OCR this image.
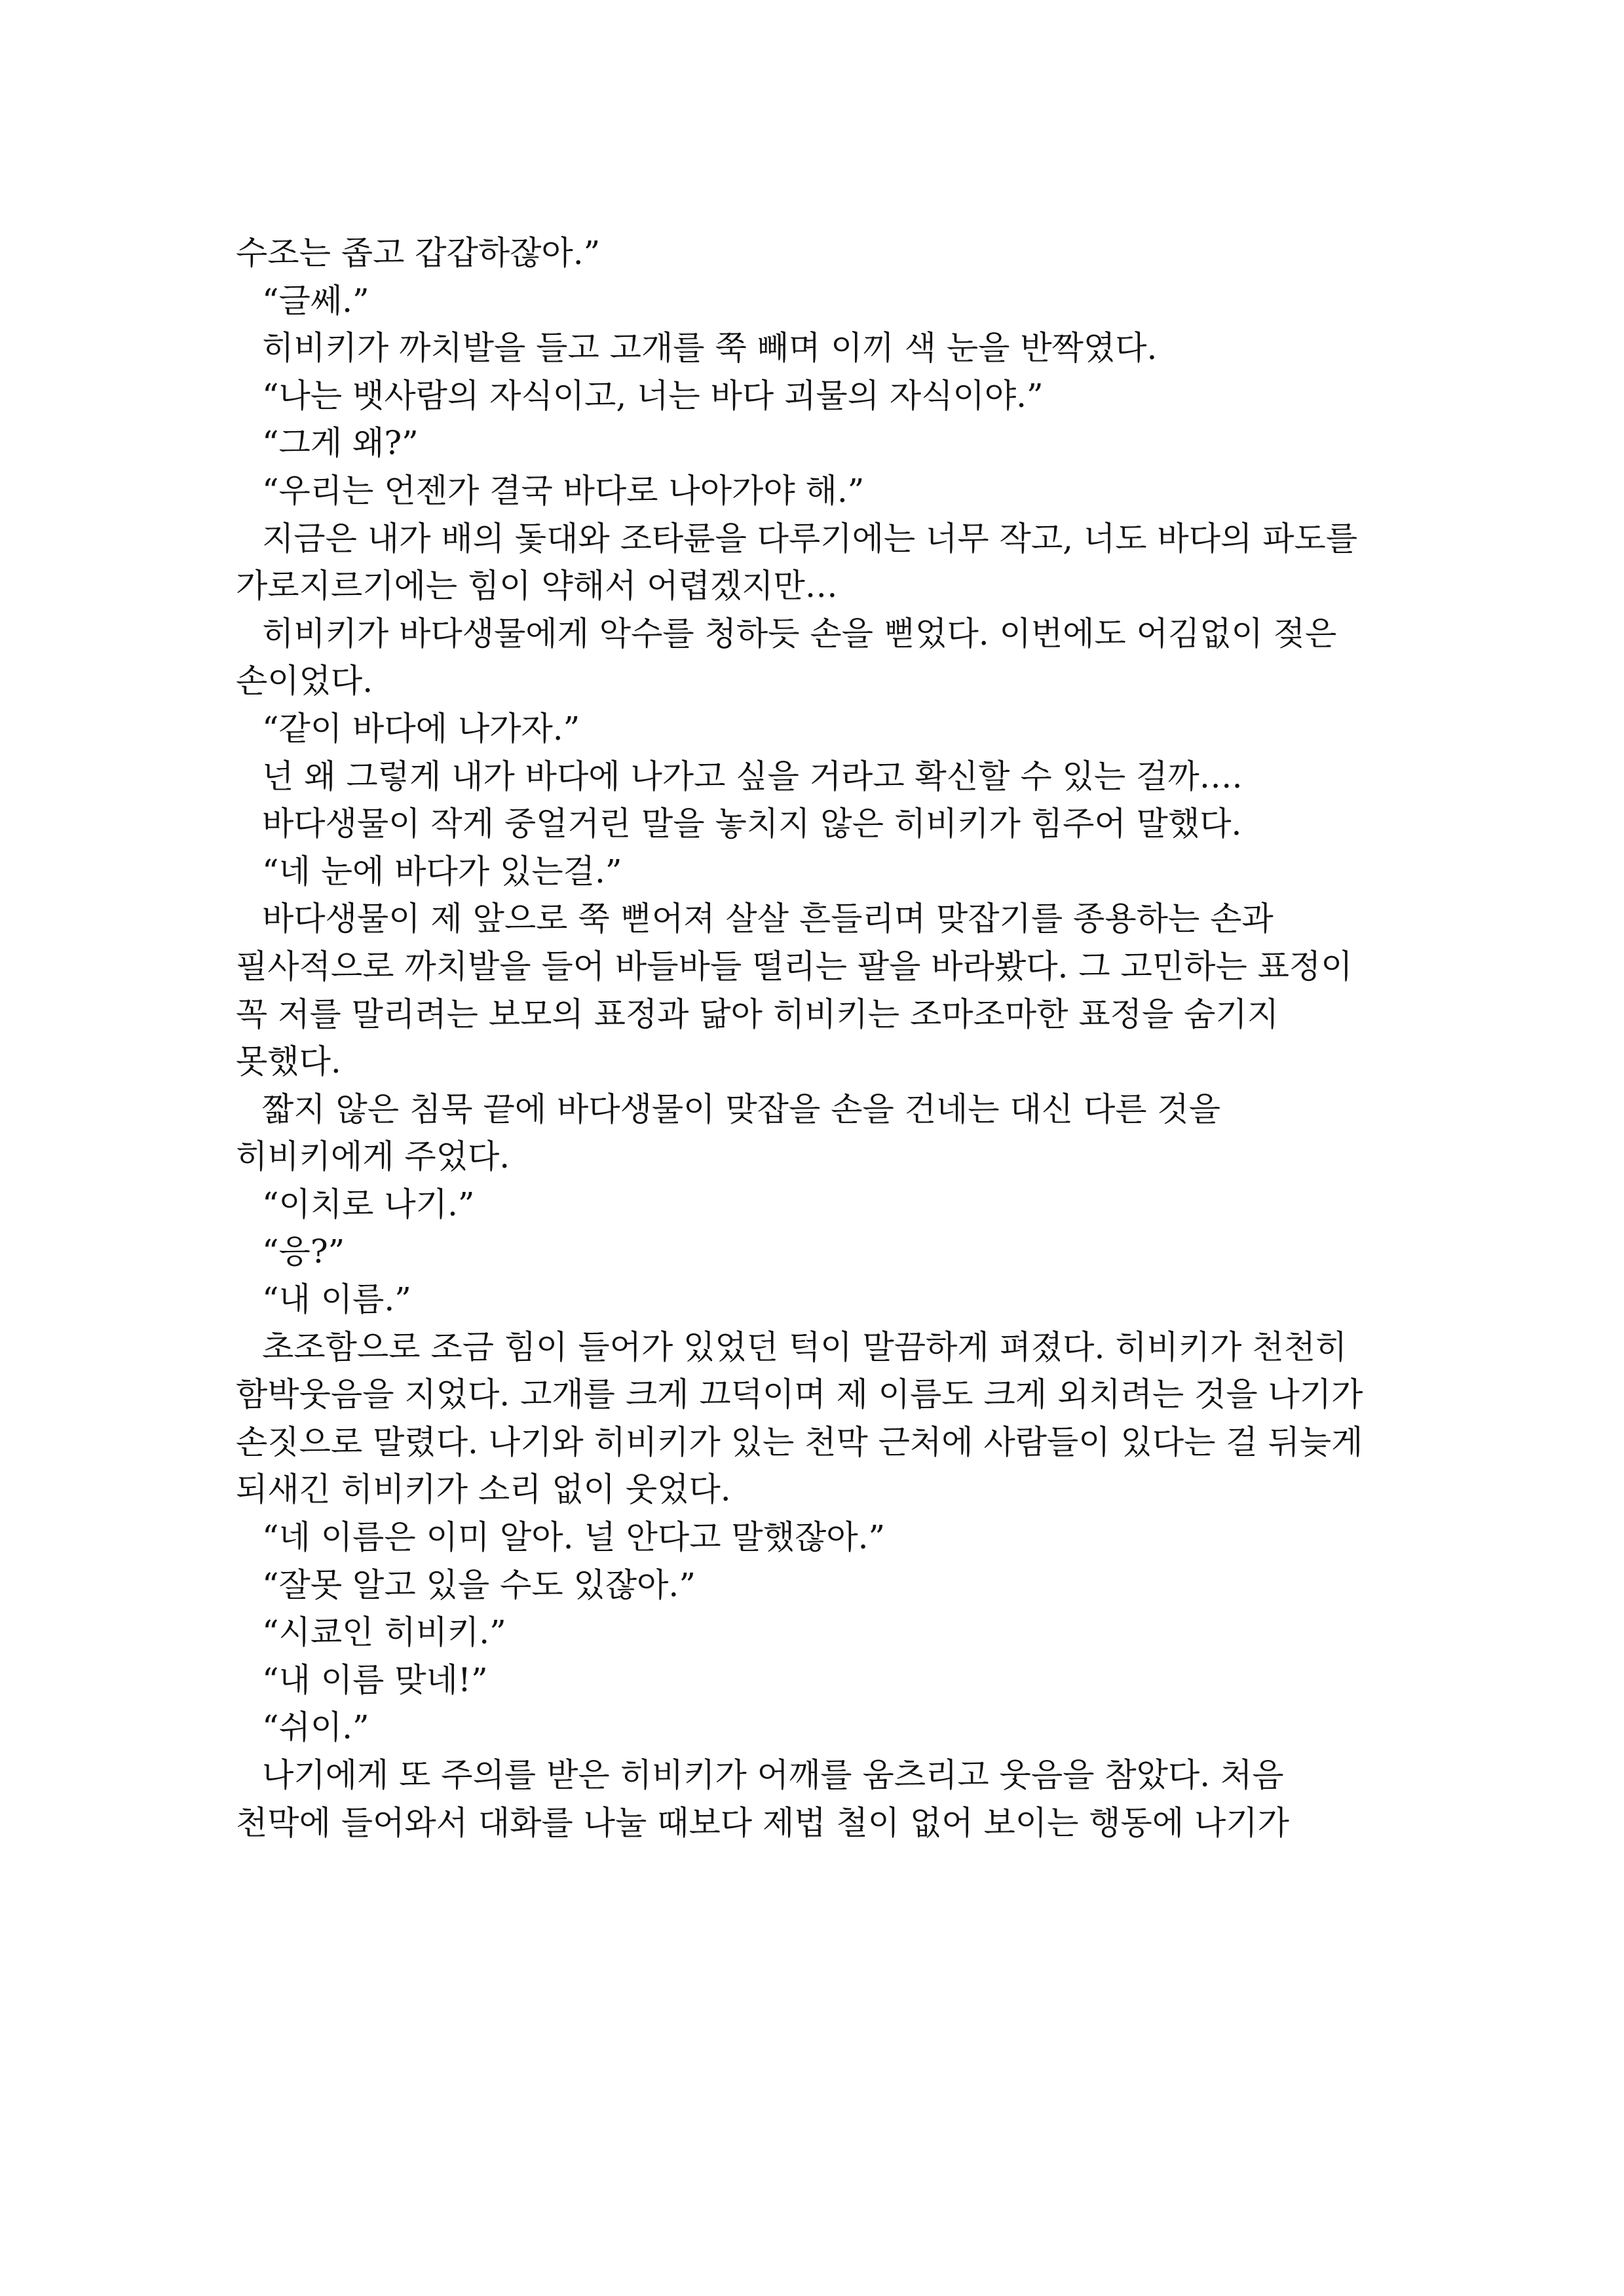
수조는 좁고 갑갑하잖아.”
“글쎄.”
히비키가 까치발을 들고 고개를 쭉 빼며 이끼 색 눈을 반짝였다.
“나는 뱃사람의 자식이고, 너는 바다 괴물의 자식이야.”
“그게 왜?”
“우리는 언젠가 결국 바다로 나아가야 해.”
지금은 내가 배의 돛대와 조타륜을 다루기에는 너무 작고, 너도 바다의 파도를
가로지르기에는 힘이 약해서 어렵겠지만…
히비키가 바다생물에게 악수를 청하듯 손을 뻗었다. 이번에도 어김없이 젖은
손이었다.
“같이 바다에 나가자.”
넌 왜 그렇게 내가 바다에 나가고 싶을 거라고 확신할 수 있는 걸까….
바다생물이 작게 중얼거린 말을 놓치지 않은 히비키가 힘주어 말했다.
“네 눈에 바다가 있는걸.”
바다생물이 제 앞으로 쭉 뻗어져 살살 흔들리며 맞잡기를 종용하는 손과
필사적으로 까치발을 들어 바들바들 떨리는 팔을 바라봤다. 그 고민하는 표정이
꼭 저를 말리려는 보모의 표정과 닮아 히비키는 조마조마한 표정을 숨기지
못했다.
짧지 않은 침묵 끝에 바다생물이 맞잡을 손을 건네는 대신 다른 것을
히비키에게 주었다.
“이치로 나기.”
“응?”
“내 이름.”
초조함으로 조금 힘이 들어가 있었던 턱이 말끔하게 펴졌다. 히비키가 천천히
함박웃음을 지었다. 고개를 크게 끄덕이며 제 이름도 크게 외치려는 것을 나기가
손짓으로 말렸다. 나기와 히비키가 있는 천막 근처에 사람들이 있다는 걸 뒤늦게
되새긴 히비키가 소리 없이 웃었다.
“네 이름은 이미 알아. 널 안다고 말했잖아.”
“잘못 알고 있을 수도 있잖아.”
“시쿄인 히비키.”
“내 이름 맞네!”
“쉬이.”
나기에게 또 주의를 받은 히비키가 어깨를 움츠리고 웃음을 참았다. 처음
천막에 들어와서 대화를 나눌 때보다 제법 철이 없어 보이는 행동에 나기가
